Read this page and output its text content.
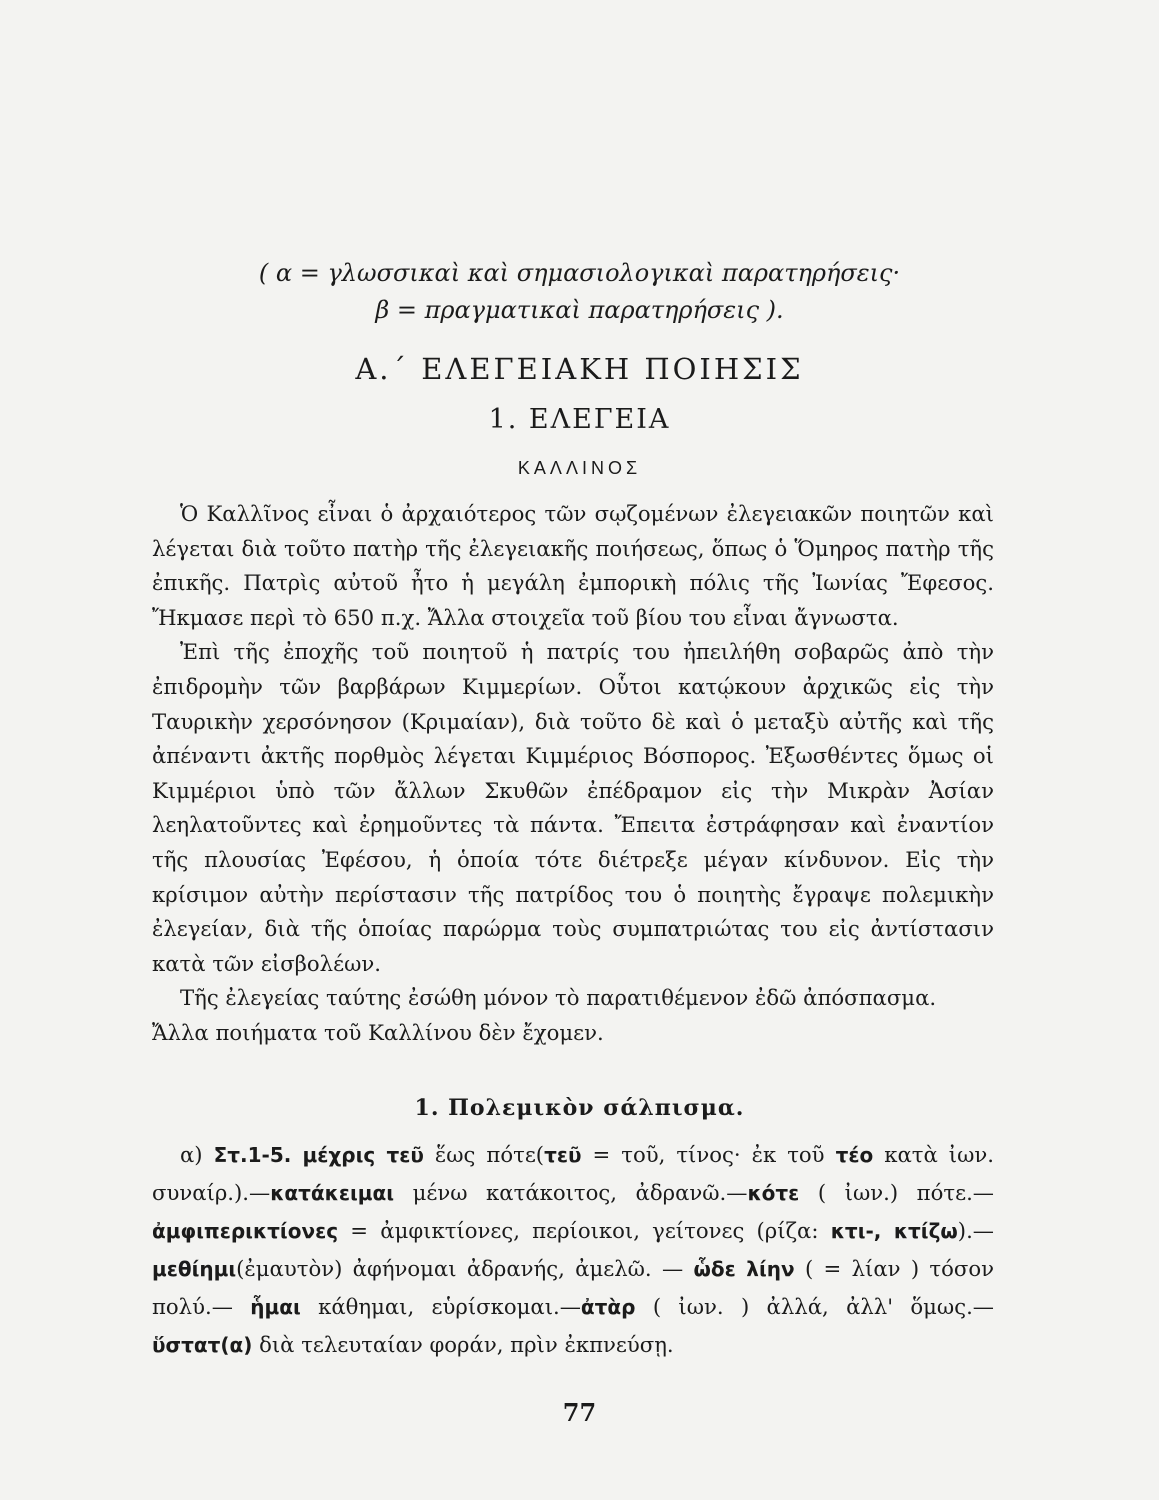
( α = γλωσσικαὶ καὶ σημασιολογικαὶ παρατηρήσεις·
β = πραγματικαὶ παρατηρήσεις ).
Α.΄ ΕΛΕΓΕΙΑΚΗ ΠΟΙΗΣΙΣ
1. ΕΛΕΓΕΙΑ
ΚΑΛΛΙΝΟΣ

Ὁ Καλλῖνος εἶναι ὁ ἀρχαιότερος τῶν σῳζομένων ἐλεγειακῶν ποιητῶν καὶ λέγεται διὰ τοῦτο πατὴρ τῆς ἐλεγειακῆς ποιήσεως, ὅπως ὁ Ὅμηρος πατὴρ τῆς ἐπικῆς. Πατρὶς αὐτοῦ ἦτο ἡ μεγάλη ἐμπορικὴ πόλις τῆς Ἰωνίας Ἔφεσος. Ἤκμασε περὶ τὸ 650 π.χ. Ἄλλα στοιχεῖα τοῦ βίου του εἶναι ἄγνωστα.

Ἐπὶ τῆς ἐποχῆς τοῦ ποιητοῦ ἡ πατρίς του ἠπειλήθη σοβαρῶς ἀπὸ τὴν ἐπιδρομὴν τῶν βαρβάρων Κιμμερίων. Οὗτοι κατῴκουν ἀρχικῶς εἰς τὴν Ταυρικὴν χερσόνησον (Κριμαίαν), διὰ τοῦτο δὲ καὶ ὁ μεταξὺ αὐτῆς καὶ τῆς ἀπέναντι ἀκτῆς πορθμὸς λέγεται Κιμμέριος Βόσπορος. Ἐξωσθέντες ὅμως οἱ Κιμμέριοι ὑπὸ τῶν ἄλλων Σκυθῶν ἐπέδραμον εἰς τὴν Μικρὰν Ἀσίαν λεηλατοῦντες καὶ ἐρημοῦντες τὰ πάντα. Ἔπειτα ἐστράφησαν καὶ ἐναντίον τῆς πλουσίας Ἐφέσου, ἡ ὁποία τότε διέτρεξε μέγαν κίνδυνον. Εἰς τὴν κρίσιμον αὐτὴν περίστασιν τῆς πατρίδος του ὁ ποιητὴς ἔγραψε πολεμικὴν ἐλεγείαν, διὰ τῆς ὁποίας παρώρμα τοὺς συμπατριώτας του εἰς ἀντίστασιν κατὰ τῶν εἰσβολέων.

Τῆς ἐλεγείας ταύτης ἐσώθη μόνον τὸ παρατιθέμενον ἐδῶ ἀπόσπασμα.

Ἄλλα ποιήματα τοῦ Καλλίνου δὲν ἔχομεν.

1. Πολεμικὸν σάλπισμα.

α) Στ.1-5. μέχρις τεῦ ἕως πότε(τεῦ = τοῦ, τίνος· ἐκ τοῦ τέο κατὰ ἰων. συναίρ.).—κατάκειμαι μένω κατάκοιτος, ἀδρανῶ.—κότε ( ἰων.) πότε.— ἀμφιπερικτίονες = ἀμφικτίονες, περίοικοι, γείτονες (ρίζα: κτι-, κτίζω).— μεθίημι(ἐμαυτὸν) ἀφήνομαι ἀδρανής, ἀμελῶ. — ὧδε λίην ( = λίαν ) τόσον πολύ.— ἧμαι κάθημαι, εὑρίσκομαι.—ἀτὰρ ( ἰων. ) ἀλλά, ἀλλ' ὅμως.— ὕστατ(α) διὰ τελευταίαν φοράν, πρὶν ἐκπνεύσῃ.

77
